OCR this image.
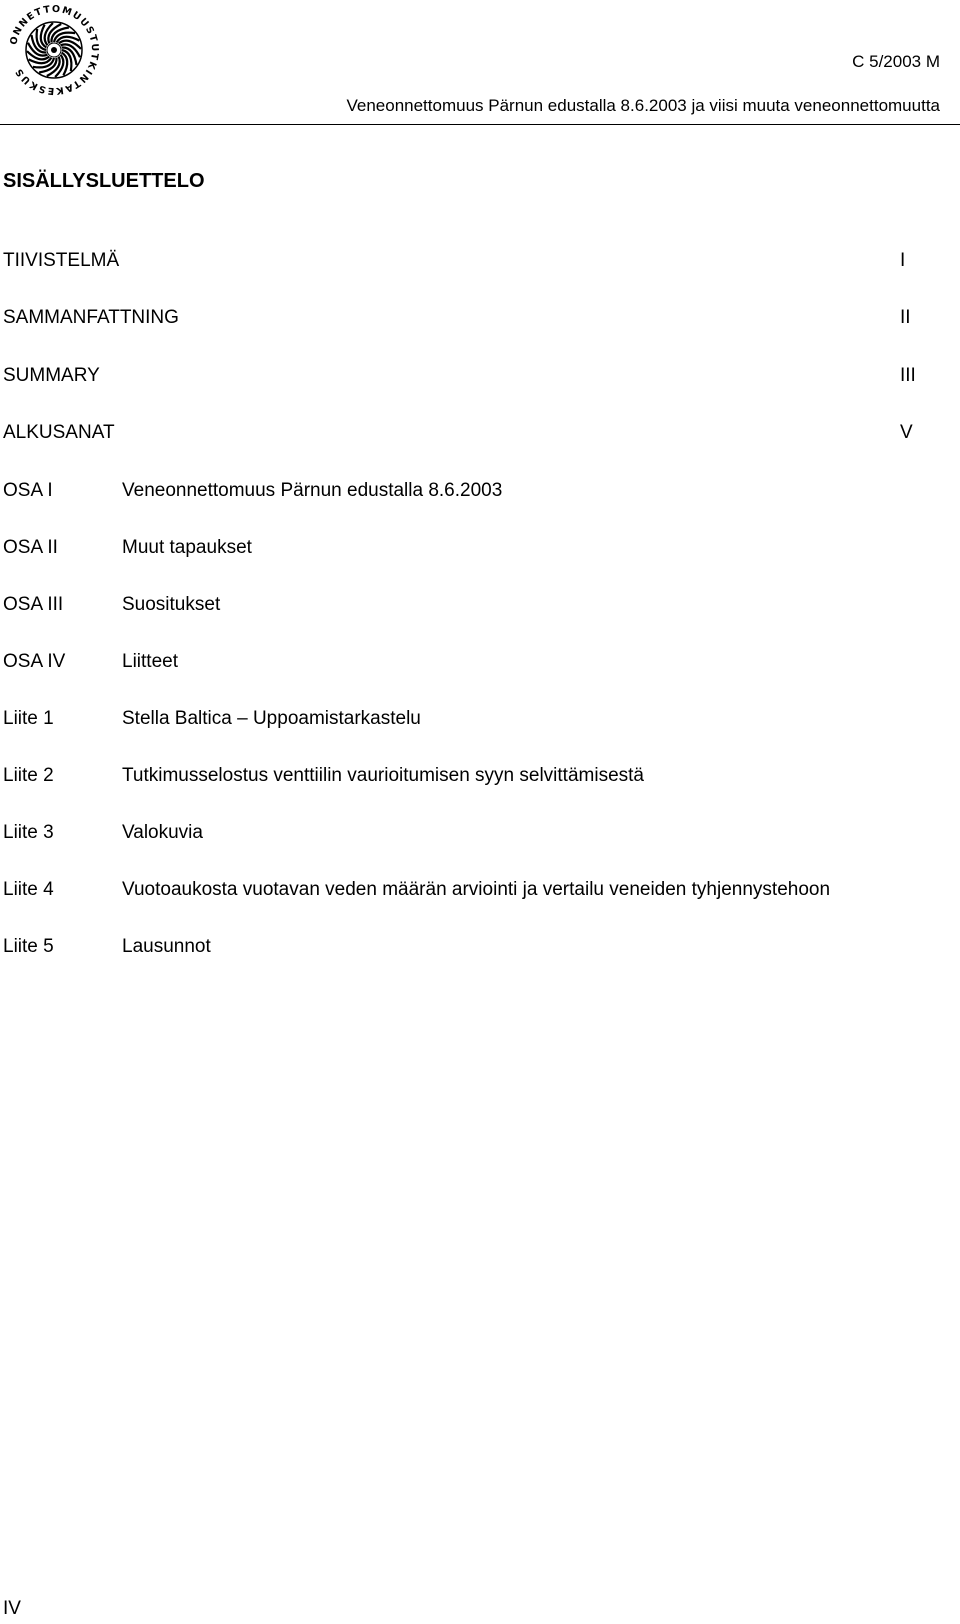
ONNETTOMUUSTUTKINTAKESKUS
C 5/2003 M
Veneonnettomuus Pärnun edustalla 8.6.2003 ja viisi muuta veneonnettomuutta
SISÄLLYSLUETTELO
TIIVISTELMÄ	I
SAMMANFATTNING	II
SUMMARY	III
ALKUSANAT	V
OSA I	Veneonnettomuus Pärnun edustalla 8.6.2003
OSA II	Muut tapaukset
OSA III	Suositukset
OSA IV	Liitteet
Liite 1	Stella Baltica – Uppoamistarkastelu
Liite 2	Tutkimusselostus venttiilin vaurioitumisen syyn selvittämisestä
Liite 3	Valokuvia
Liite 4	Vuotoaukosta vuotavan veden määrän arviointi ja vertailu veneiden tyhjennystehoon
Liite 5	Lausunnot
IV
